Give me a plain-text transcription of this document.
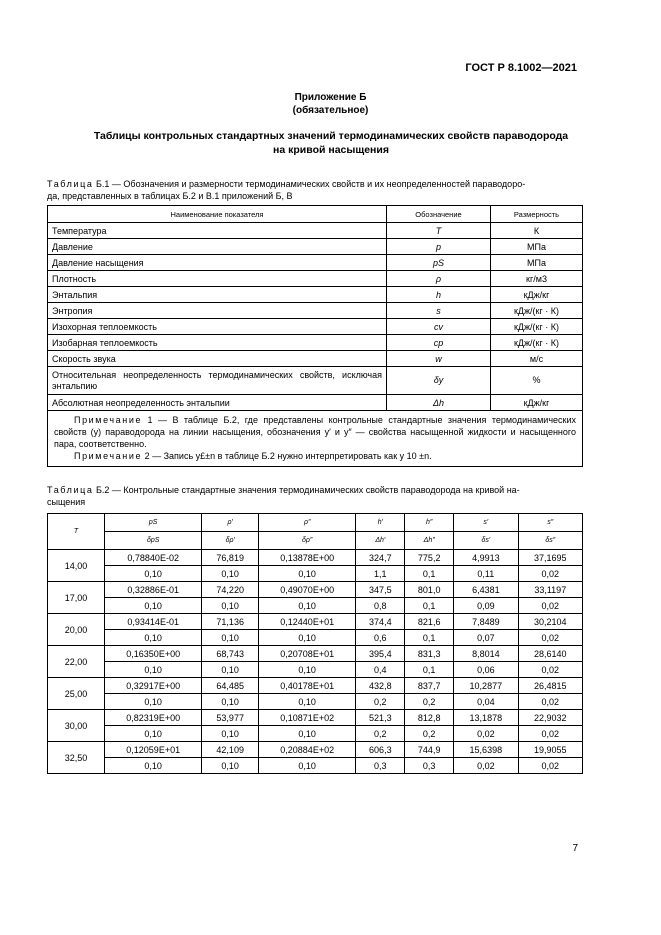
ГОСТ Р 8.1002—2021
Приложение Б
(обязательное)
Таблицы контрольных стандартных значений термодинамических свойств параводорода
на кривой насыщения
Таблица Б.1 — Обозначения и размерности термодинамических свойств и их неопределенностей параводоро-
да, представленных в таблицах Б.2 и В.1 приложений Б, В
Наименование показателя	Обозначение	Размерность
Температура	T	К
Давление	p	МПа
Давление насыщения	pS	МПа
Плотность	ρ	кг/м3
Энтальпия	h	кДж/кг
Энтропия	s	кДж/(кг · К)
Изохорная теплоемкость	cv	кДж/(кг · К)
Изобарная теплоемкость	cp	кДж/(кг · К)
Скорость звука	w	м/с
Относительная неопределенность термодинамических свойств, исключая энтальпию	δy	%
Абсолютная неопределенность энтальпии	Δh	кДж/кг

Примечание 1 — В таблице Б.2, где представлены контрольные стандартные значения термодинамических свойств (y) параводорода на линии насыщения, обозначения y′ и y″ — свойства насыщенной жидкости и насыщенного пара, соответственно.

Примечание 2 — Запись y£±n в таблице Б.2 нужно интерпретировать как y 10 ±n.		

Таблица Б.2 — Контрольные стандартные значения термодинамических свойств параводорода на кривой на-
сыщения
T	pS	ρ′	ρ″	h′	h″	s′	s″
	δpS	δρ′	δρ″	Δh′	Δh″	δs′	δs″
14,00	0,78840E-02	76,819	0,13878E+00	324,7	775,2	4,9913	37,1695
	0,10	0,10	0,10	1,1	0,1	0,11	0,02
17,00	0,32886E-01	74,220	0,49070E+00	347,5	801,0	6,4381	33,1197
	0,10	0,10	0,10	0,8	0,1	0,09	0,02
20,00	0,93414E-01	71,136	0,12440E+01	374,4	821,6	7,8489	30,2104
	0,10	0,10	0,10	0,6	0,1	0,07	0,02
22,00	0,16350E+00	68,743	0,20708E+01	395,4	831,3	8,8014	28,6140
	0,10	0,10	0,10	0,4	0,1	0,06	0,02
25,00	0,32917E+00	64,485	0,40178E+01	432,8	837,7	10,2877	26,4815
	0,10	0,10	0,10	0,2	0,2	0,04	0,02
30,00	0,82319E+00	53,977	0,10871E+02	521,3	812,8	13,1878	22,9032
	0,10	0,10	0,10	0,2	0,2	0,02	0,02
32,50	0,12059E+01	42,109	0,20884E+02	606,3	744,9	15,6398	19,9055
	0,10	0,10	0,10	0,3	0,3	0,02	0,02
7
